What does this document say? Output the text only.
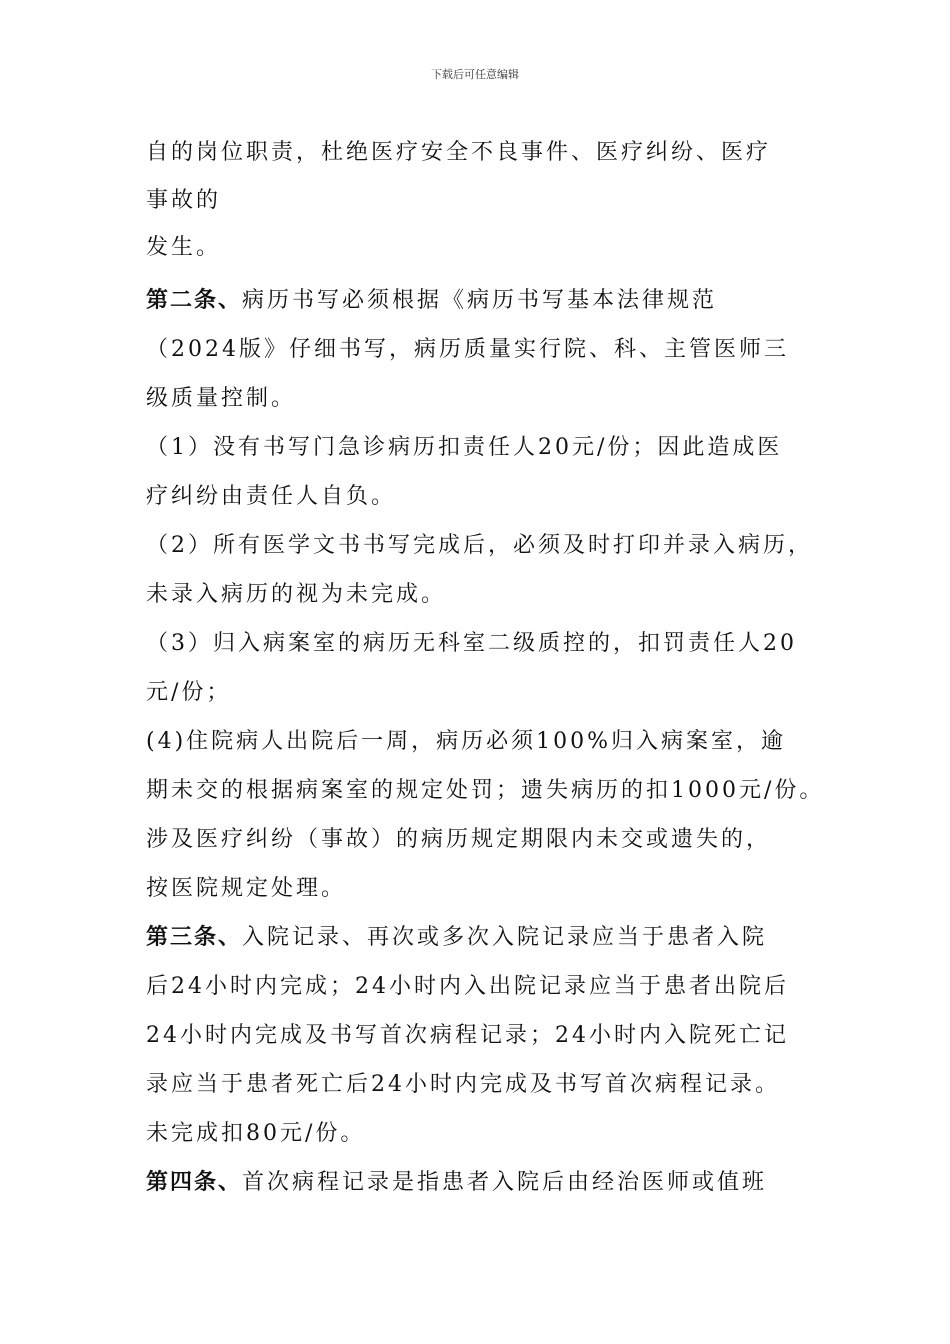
下载后可任意编辑
自的岗位职责，杜绝医疗安全不良事件、医疗纠纷、医疗
事故的
发生。
第二条、病历书写必须根据《病历书写基本法律规范
（2024版》仔细书写，病历质量实行院、科、主管医师三
级质量控制。
（1）没有书写门急诊病历扣责任人20元/份；因此造成医
疗纠纷由责任人自负。
（2）所有医学文书书写完成后，必须及时打印并录入病历，
未录入病历的视为未完成。
（3）归入病案室的病历无科室二级质控的，扣罚责任人20
元/份；
(4)住院病人出院后一周，病历必须100%归入病案室，逾
期未交的根据病案室的规定处罚；遗失病历的扣1000元/份。
涉及医疗纠纷（事故）的病历规定期限内未交或遗失的，
按医院规定处理。
第三条、入院记录、再次或多次入院记录应当于患者入院
后24小时内完成；24小时内入出院记录应当于患者出院后
24小时内完成及书写首次病程记录；24小时内入院死亡记
录应当于患者死亡后24小时内完成及书写首次病程记录。
未完成扣80元/份。
第四条、首次病程记录是指患者入院后由经治医师或值班
